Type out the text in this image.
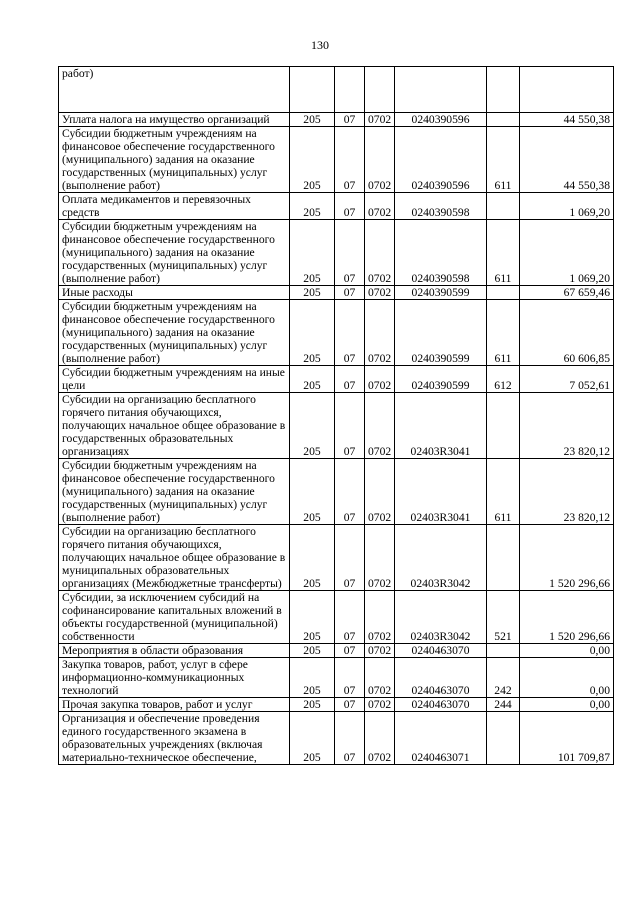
130
работ)						
Уплата налога на имущество организаций	205	07	0702	0240390596		44 550,38
Субсидии бюджетным учреждениям на финансовое обеспечение государственного (муниципального) задания на оказание государственных (муниципальных) услуг (выполнение работ)	205	07	0702	0240390596	611	44 550,38
Оплата медикаментов и перевязочных средств	205	07	0702	0240390598		1 069,20
Субсидии бюджетным учреждениям на финансовое обеспечение государственного (муниципального) задания на оказание государственных (муниципальных) услуг (выполнение работ)	205	07	0702	0240390598	611	1 069,20
Иные расходы	205	07	0702	0240390599		67 659,46
Субсидии бюджетным учреждениям на финансовое обеспечение государственного (муниципального) задания на оказание государственных (муниципальных) услуг (выполнение работ)	205	07	0702	0240390599	611	60 606,85
Субсидии бюджетным учреждениям на иные цели	205	07	0702	0240390599	612	7 052,61
Субсидии на организацию бесплатного горячего питания обучающихся, получающих начальное общее образование в государственных образовательных организациях	205	07	0702	02403R3041		23 820,12
Субсидии бюджетным учреждениям на финансовое обеспечение государственного (муниципального) задания на оказание государственных (муниципальных) услуг (выполнение работ)	205	07	0702	02403R3041	611	23 820,12
Субсидии на организацию бесплатного горячего питания обучающихся, получающих начальное общее образование в муниципальных образовательных организациях (Межбюджетные трансферты)	205	07	0702	02403R3042		1 520 296,66
Субсидии, за исключением субсидий на софинансирование капитальных вложений в объекты государственной (муниципальной) собственности	205	07	0702	02403R3042	521	1 520 296,66
Мероприятия в области образования	205	07	0702	0240463070		0,00
Закупка товаров, работ, услуг в сфере информационно-коммуникационных технологий	205	07	0702	0240463070	242	0,00
Прочая закупка товаров, работ и услуг	205	07	0702	0240463070	244	0,00
Организация и обеспечение проведения единого государственного экзамена в образовательных учреждениях (включая материально-техническое обеспечение,	205	07	0702	0240463071		101 709,87
